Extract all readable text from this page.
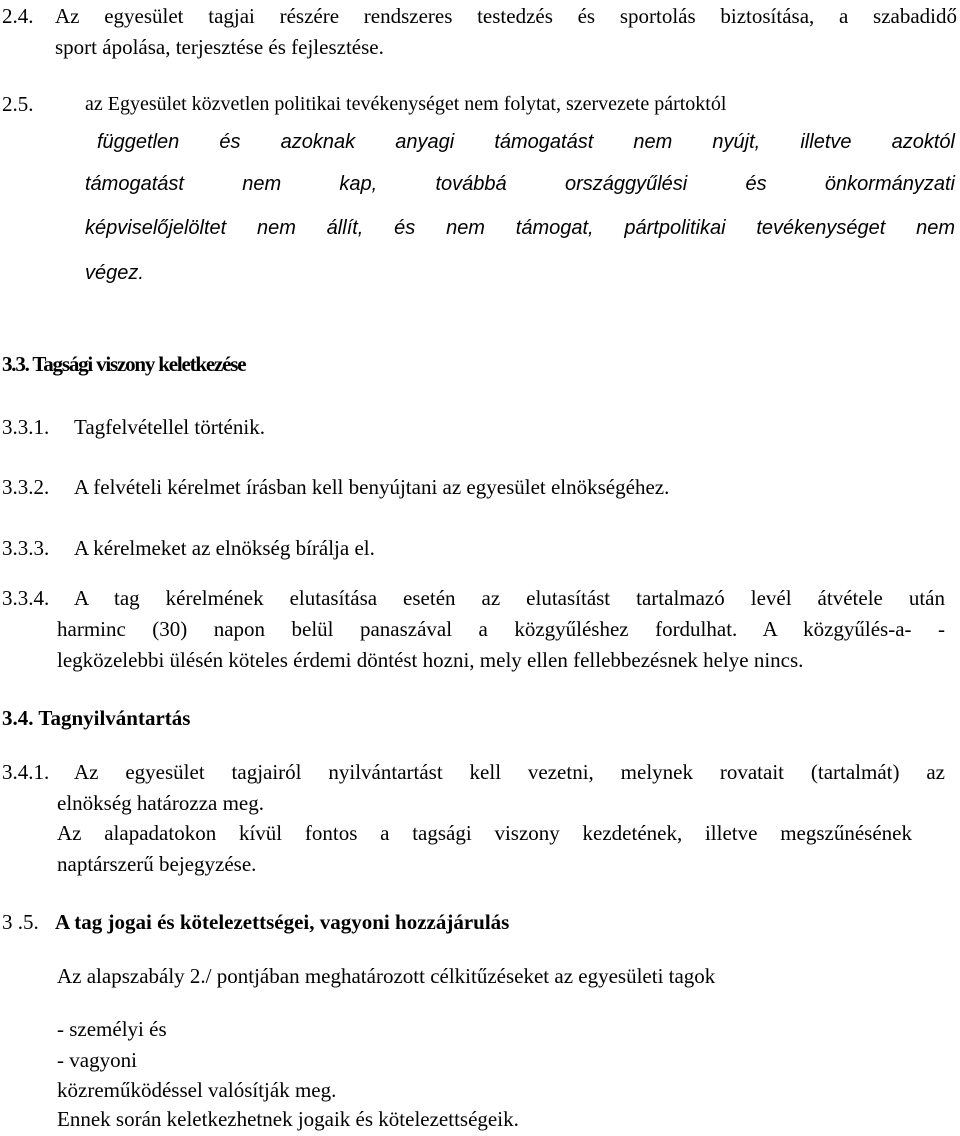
2.4. Az egyesület tagjai részére rendszeres testedzés és sportolás biztosítása, a szabadidő
sport ápolása, terjesztése és fejlesztése.
2.5.	az Egyesület közvetlen politikai tevékenységet nem folytat, szervezete pártoktól
független és azoknak anyagi támogatást nem nyújt, illetve azoktól
támogatást nem kap, továbbá országgyűlési és önkormányzati
képviselőjelöltet nem állít, és nem támogat, pártpolitikai tevékenységet nem
végez.
3.3. Tagsági viszony keletkezése
3.3.1. Tagfelvétellel történik.
3.3.2. A felvételi kérelmet írásban kell benyújtani az egyesület elnökségéhez.
3.3.3. A kérelmeket az elnökség bírálja el.
3.3.4. A tag kérelmének elutasítása esetén az elutasítást tartalmazó levél átvétele után
harminc (30) napon belül panaszával a közgyűléshez fordulhat. A közgyűlés-a- -
legközelebbi ülésén köteles érdemi döntést hozni, mely ellen fellebbezésnek helye nincs.
3.4. Tagnyilvántartás
3.4.1. Az egyesület tagjairól nyilvántartást kell vezetni, melynek rovatait (tartalmát) az
elnökség határozza meg.
Az alapadatokon kívül fontos a tagsági viszony kezdetének, illetve megszűnésének
naptárszerű bejegyzése.
3 .5. A tag jogai és kötelezettségei, vagyoni hozzájárulás
Az alapszabály 2./ pontjában meghatározott célkitűzéseket az egyesületi tagok
- személyi és
- vagyoni
közreműködéssel valósítják meg.
Ennek során keletkezhetnek jogaik és kötelezettségeik.
